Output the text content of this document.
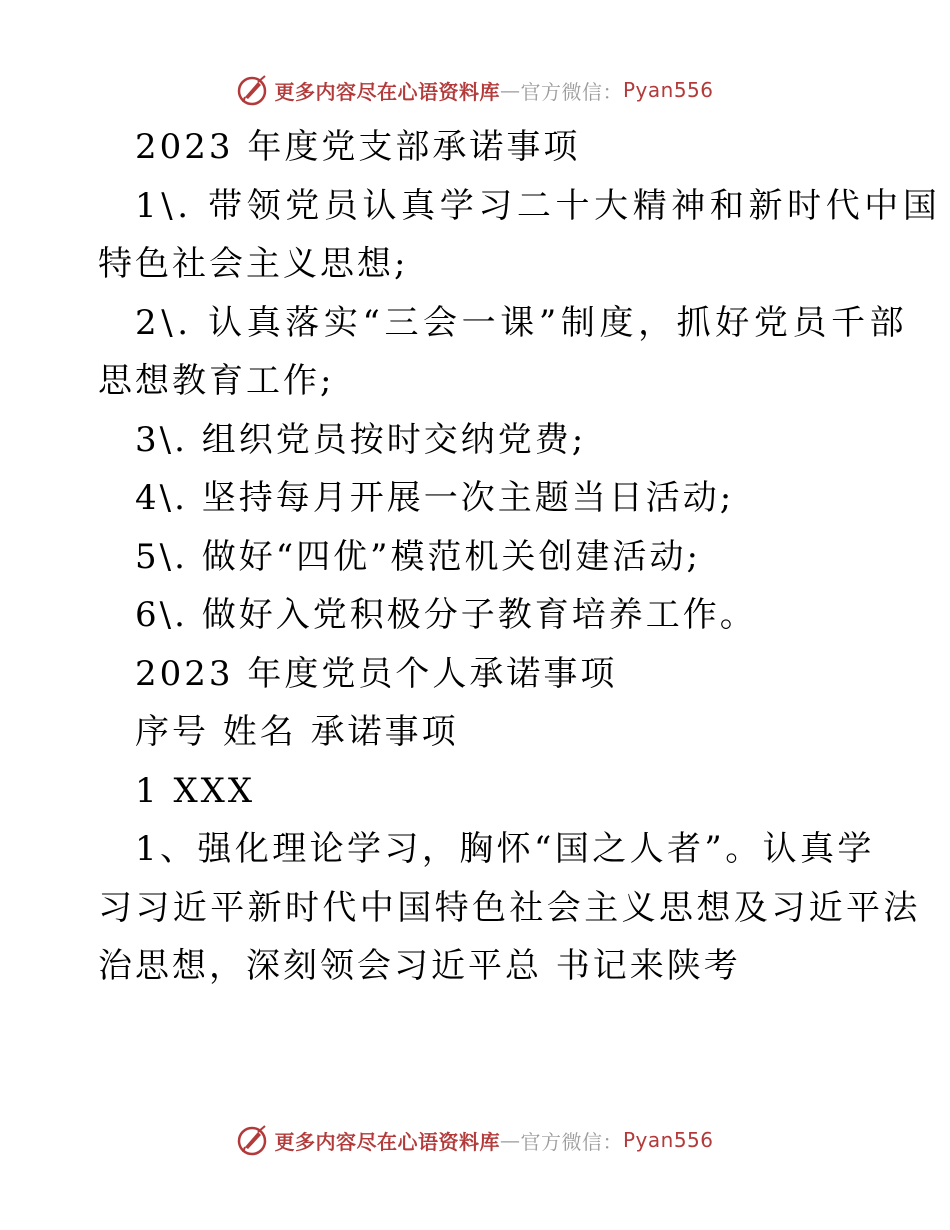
更多内容尽在心语资料库 — 官方微信： Pyan556
2023 年度党支部承诺事项
1\. 带领党员认真学习二十大精神和新时代中国
特色社会主义思想;
2\. 认真落实“三会一课”制度，抓好党员千部
思想教育工作;
3\. 组织党员按时交纳党费;
4\. 坚持每月开展一次主题当日活动;
5\. 做好“四优”模范机关创建活动;
6\. 做好入党积极分子教育培养工作。
2023 年度党员个人承诺事项
序号 姓名 承诺事项
1 XXX
1、强化理论学习，胸怀“国之人者”。认真学
习习近平新时代中国特色社会主义思想及习近平法
治思想，深刻领会习近平总 书记来陕考
更多内容尽在心语资料库 — 官方微信： Pyan556
